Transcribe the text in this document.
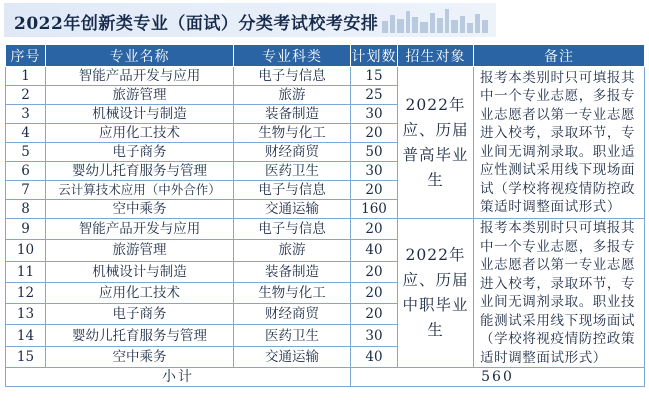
2022年创新类专业（面试）分类考试校考安排
序号	专业名称	专业科类	计划数	招生对象	备注
1	智能产品开发与应用	电子与信息	15	2022年应、历届普高毕业生	报考本类别时只可填报其中一个专业志愿，多报专业志愿者以第一专业志愿进入校考，录取环节，专业间无调剂录取。职业适应性测试采用线下现场面试（学校将视疫情防控政策适时调整面试形式）
2	旅游管理	旅游	25		
3	机械设计与制造	装备制造	30		
4	应用化工技术	生物与化工	20		
5	电子商务	财经商贸	50		
6	婴幼儿托育服务与管理	医药卫生	30		
7	云计算技术应用（中外合作）	电子与信息	20		
8	空中乘务	交通运输	160		
9	智能产品开发与应用	电子与信息	20	2022年应、历届中职毕业生	报考本类别时只可填报其中一个专业志愿，多报专业志愿者以第一专业志愿进入校考，录取环节，专业间无调剂录取。职业技能测试采用线下现场面试（学校将视疫情防控政策适时调整面试形式）
10	旅游管理	旅游	40		
11	机械设计与制造	装备制造	20		
12	应用化工技术	生物与化工	20		
13	电子商务	财经商贸	20		
14	婴幼儿托育服务与管理	医药卫生	30		
15	空中乘务	交通运输	40		
小计			560		
